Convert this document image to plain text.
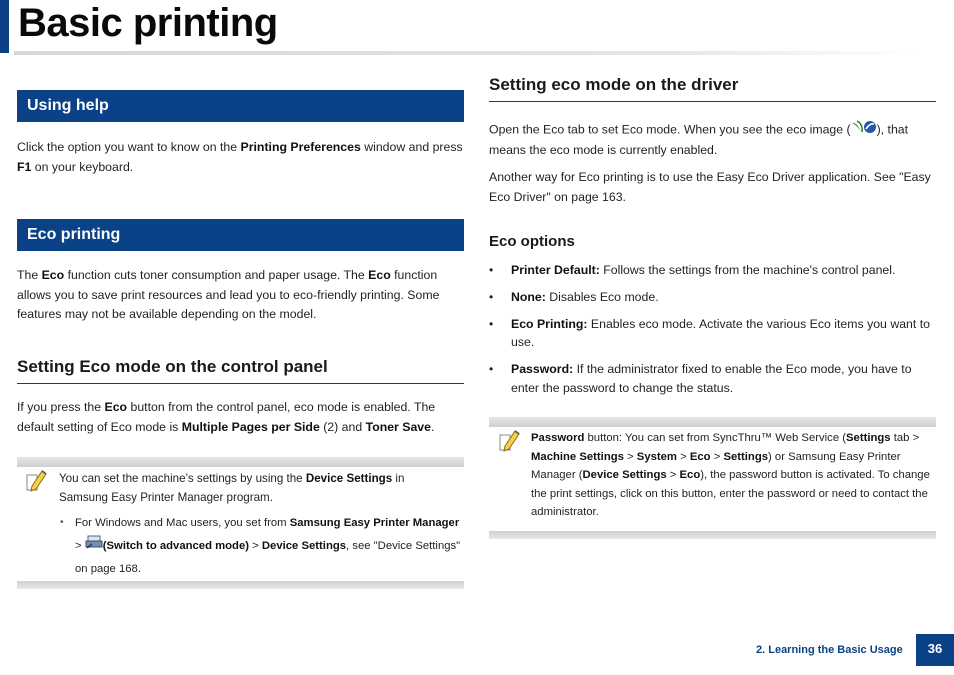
Basic printing
Using help
Click the option you want to know on the Printing Preferences window and press F1 on your keyboard.
Eco printing
The Eco function cuts toner consumption and paper usage. The Eco function allows you to save print resources and lead you to eco-friendly printing. Some features may not be available depending on the model.
Setting Eco mode on the control panel
If you press the Eco button from the control panel, eco mode is enabled. The default setting of Eco mode is Multiple Pages per Side (2) and Toner Save.
You can set the machine’s settings by using the Device Settings in
Samsung Easy Printer Manager program.
• For Windows and Mac users, you set from Samsung Easy Printer Manager > (Switch to advanced mode) > Device Settings, see "Device Settings" on page 168.
Setting eco mode on the driver
Open the Eco tab to set Eco mode. When you see the eco image ( ), that means the eco mode is currently enabled.
Another way for Eco printing is to use the Easy Eco Driver application. See "Easy Eco Driver" on page 163.
Eco options
• Printer Default: Follows the settings from the machine's control panel.
• None: Disables Eco mode.
• Eco Printing: Enables eco mode. Activate the various Eco items you want to use.
• Password: If the administrator fixed to enable the Eco mode, you have to enter the password to change the status.
Password button: You can set from SyncThru™ Web Service (Settings tab > Machine Settings > System > Eco > Settings) or Samsung Easy Printer Manager (Device Settings > Eco), the password button is activated. To change the print settings, click on this button, enter the password or need to contact the administrator.
2. Learning the Basic Usage	36
